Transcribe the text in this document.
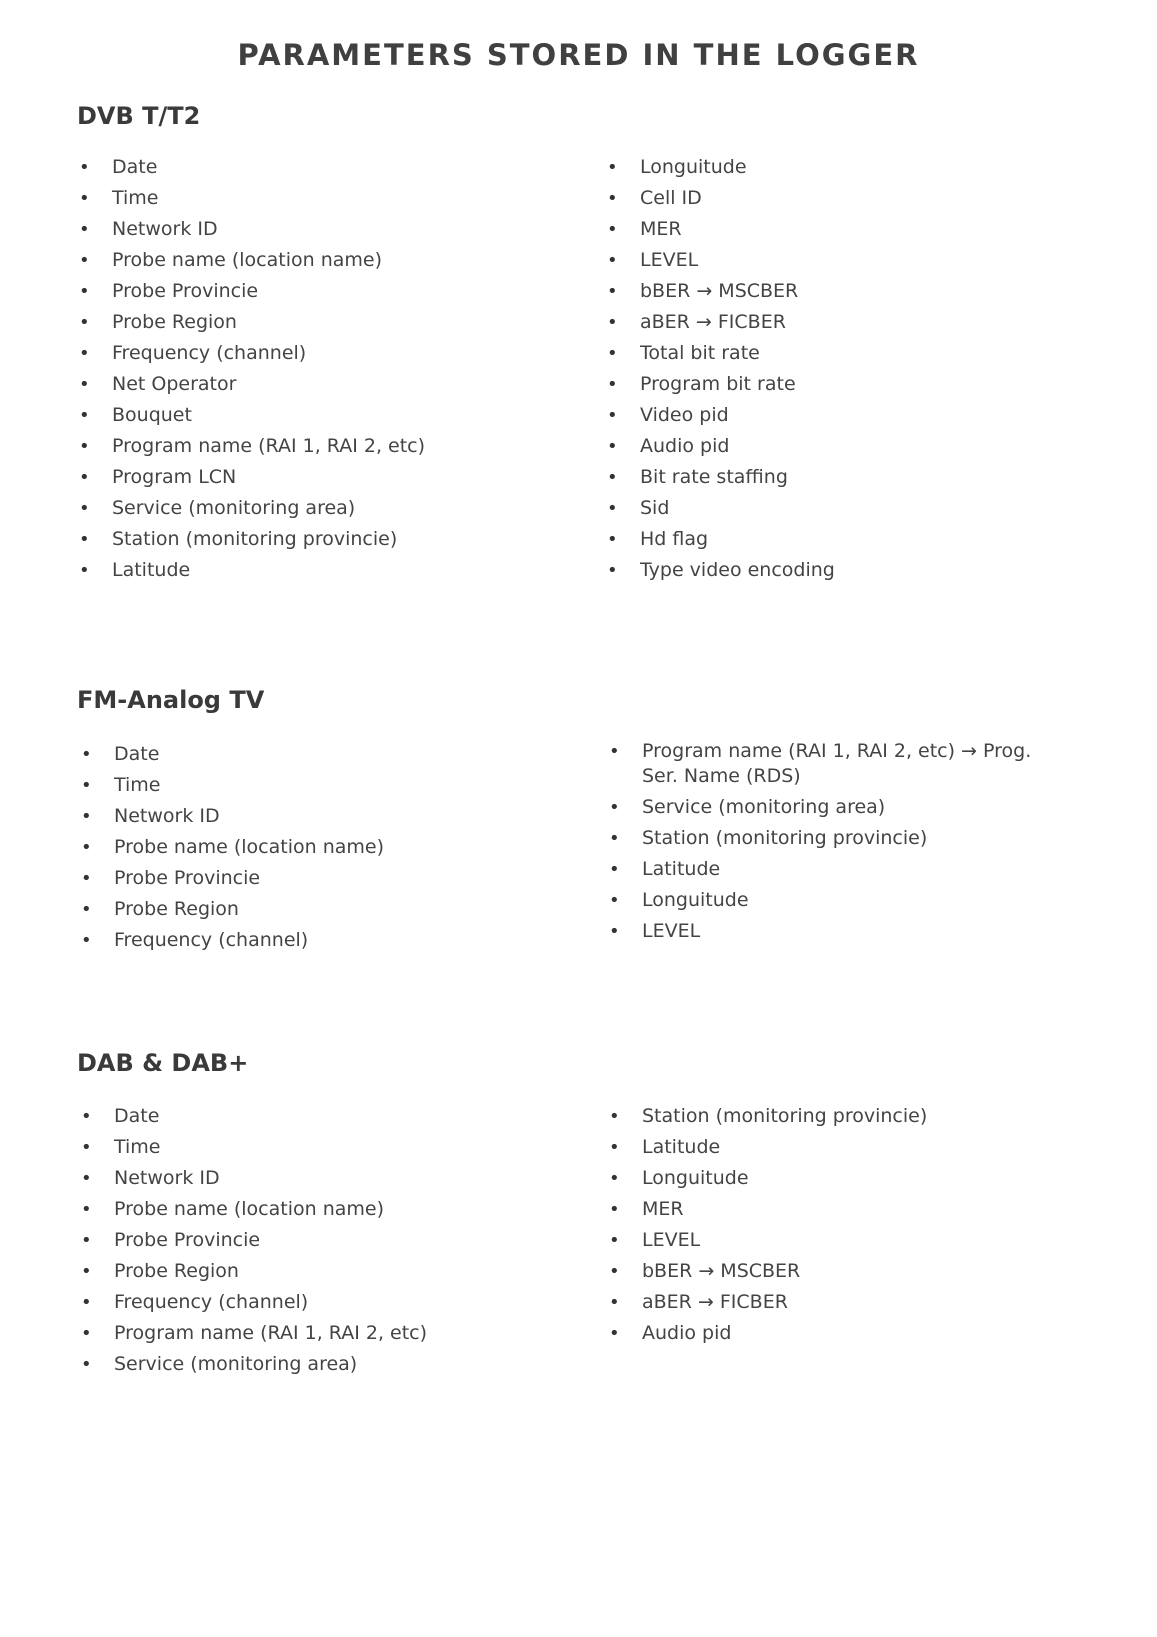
PARAMETERS STORED IN THE LOGGER
DVB T/T2
• Date
• Time
• Network ID
• Probe name (location name)
• Probe Provincie
• Probe Region
• Frequency (channel)
• Net Operator
• Bouquet
• Program name (RAI 1, RAI 2, etc)
• Program LCN
• Service (monitoring area)
• Station (monitoring provincie)
• Latitude
• Longuitude
• Cell ID
• MER
• LEVEL
• bBER → MSCBER
• aBER → FICBER
• Total bit rate
• Program bit rate
• Video pid
• Audio pid
• Bit rate staffing
• Sid
• Hd flag
• Type video encoding
FM-Analog TV
• Date
• Time
• Network ID
• Probe name (location name)
• Probe Provincie
• Probe Region
• Frequency (channel)
• Program name (RAI 1, RAI 2, etc) → Prog. Ser. Name (RDS)
• Service (monitoring area)
• Station (monitoring provincie)
• Latitude
• Longuitude
• LEVEL
DAB & DAB+
• Date
• Time
• Network ID
• Probe name (location name)
• Probe Provincie
• Probe Region
• Frequency (channel)
• Program name (RAI 1, RAI 2, etc)
• Service (monitoring area)
• Station (monitoring provincie)
• Latitude
• Longuitude
• MER
• LEVEL
• bBER → MSCBER
• aBER → FICBER
• Audio pid
